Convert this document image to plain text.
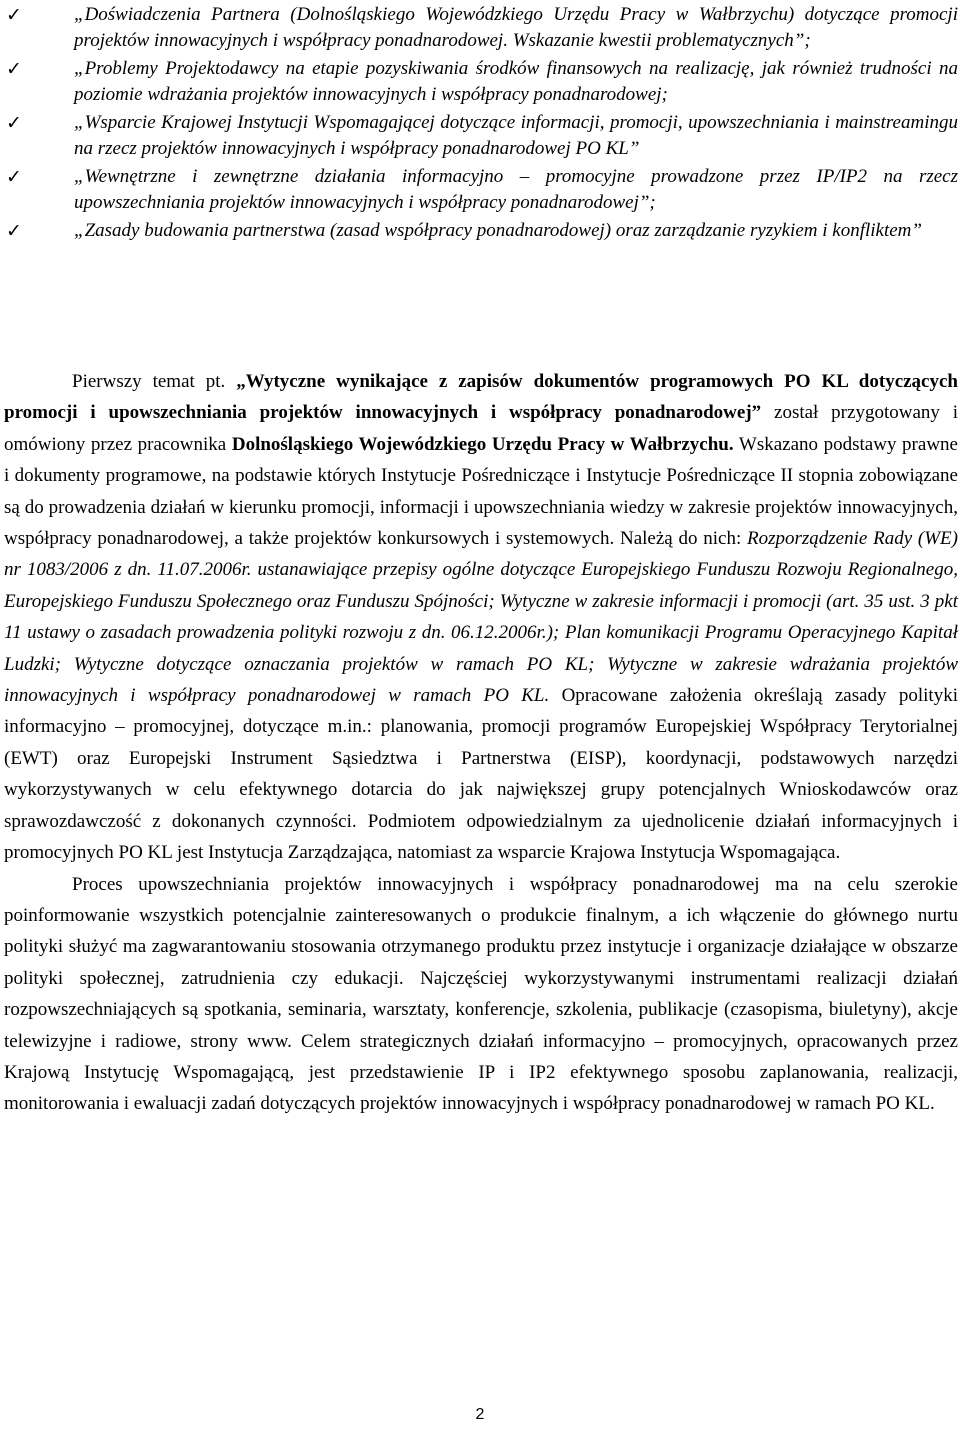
✓	„Doświadczenia Partnera (Dolnośląskiego Wojewódzkiego Urzędu Pracy w Wałbrzychu) dotyczące promocji projektów innowacyjnych i współpracy ponadnarodowej. Wskazanie kwestii problematycznych”;
✓	„Problemy Projektodawcy na etapie pozyskiwania środków finansowych na realizację, jak również trudności na poziomie wdrażania projektów innowacyjnych i współpracy ponadnarodowej;
✓	„Wsparcie Krajowej Instytucji Wspomagającej dotyczące informacji, promocji, upowszechniania i mainstreamingu na rzecz projektów innowacyjnych i współpracy ponadnarodowej PO KL”
✓	„Wewnętrzne i zewnętrzne działania informacyjno – promocyjne prowadzone przez IP/IP2 na rzecz upowszechniania projektów innowacyjnych i współpracy ponadnarodowej”;
✓	„Zasady budowania partnerstwa (zasad współpracy ponadnarodowej) oraz zarządzanie ryzykiem i konfliktem”

Pierwszy temat pt. „Wytyczne wynikające z zapisów dokumentów programowych PO KL dotyczących promocji i upowszechniania projektów innowacyjnych i współpracy ponadnarodowej” został przygotowany i omówiony przez pracownika Dolnośląskiego Wojewódzkiego Urzędu Pracy w Wałbrzychu. Wskazano podstawy prawne i dokumenty programowe, na podstawie których Instytucje Pośredniczące i Instytucje Pośredniczące II stopnia zobowiązane są do prowadzenia działań w kierunku promocji, informacji i upowszechniania wiedzy w zakresie projektów innowacyjnych, współpracy ponadnarodowej, a także projektów konkursowych i systemowych. Należą do nich: Rozporządzenie Rady (WE) nr 1083/2006 z dn. 11.07.2006r. ustanawiające przepisy ogólne dotyczące Europejskiego Funduszu Rozwoju Regionalnego, Europejskiego Funduszu Społecznego oraz Funduszu Spójności; Wytyczne w zakresie informacji i promocji (art. 35 ust. 3 pkt 11 ustawy o zasadach prowadzenia polityki rozwoju z dn. 06.12.2006r.); Plan komunikacji Programu Operacyjnego Kapitał Ludzki; Wytyczne dotyczące oznaczania projektów w ramach PO KL; Wytyczne w zakresie wdrażania projektów innowacyjnych i współpracy ponadnarodowej w ramach PO KL. Opracowane założenia określają zasady polityki informacyjno – promocyjnej, dotyczące m.in.: planowania, promocji programów Europejskiej Współpracy Terytorialnej (EWT) oraz Europejski Instrument Sąsiedztwa i Partnerstwa (EISP), koordynacji, podstawowych narzędzi wykorzystywanych w celu efektywnego dotarcia do jak największej grupy potencjalnych Wnioskodawców oraz sprawozdawczość z dokonanych czynności. Podmiotem odpowiedzialnym za ujednolicenie działań informacyjnych i promocyjnych PO KL jest Instytucja Zarządzająca, natomiast za wsparcie Krajowa Instytucja Wspomagająca.

Proces upowszechniania projektów innowacyjnych i współpracy ponadnarodowej ma na celu szerokie poinformowanie wszystkich potencjalnie zainteresowanych o produkcie finalnym, a ich włączenie do głównego nurtu polityki służyć ma zagwarantowaniu stosowania otrzymanego produktu przez instytucje i organizacje działające w obszarze polityki społecznej, zatrudnienia czy edukacji. Najczęściej wykorzystywanymi instrumentami realizacji działań rozpowszechniających są spotkania, seminaria, warsztaty, konferencje, szkolenia, publikacje (czasopisma, biuletyny), akcje telewizyjne i radiowe, strony www. Celem strategicznych działań informacyjno – promocyjnych, opracowanych przez Krajową Instytucję Wspomagającą, jest przedstawienie IP i IP2 efektywnego sposobu zaplanowania, realizacji, monitorowania i ewaluacji zadań dotyczących projektów innowacyjnych i współpracy ponadnarodowej w ramach PO KL.

2
